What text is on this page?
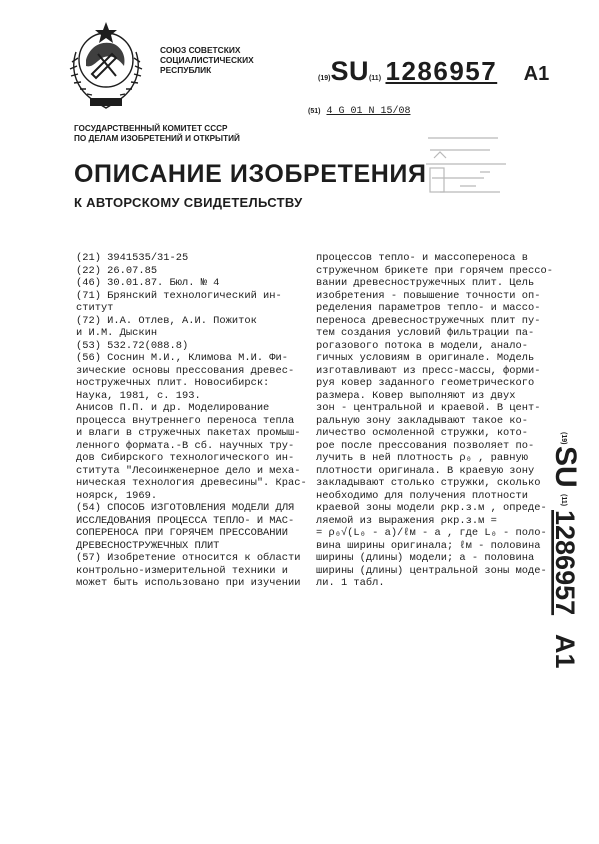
СОЮЗ СОВЕТСКИХ
СОЦИАЛИСТИЧЕСКИХ
РЕСПУБЛИК
(19)SU(11) 1286957 A1
(51) 4 G 01 N 15/08
ГОСУДАРСТВЕННЫЙ КОМИТЕТ СССР
ПО ДЕЛАМ ИЗОБРЕТЕНИЙ И ОТКРЫТИЙ
ОПИСАНИЕ ИЗОБРЕТЕНИЯ
К АВТОРСКОМУ СВИДЕТЕЛЬСТВУ
(21) 3941535/31-25
(22) 26.07.85
(46) 30.01.87. Бюл. № 4
(71) Брянский технологический ин-
ститут
(72) И.А. Отлев, А.И. Пожиток
и И.М. Дыскин
(53) 532.72(088.8)
(56) Соснин М.И., Климова М.И. Фи-
зические основы прессования древес-
ностружечных плит. Новосибирск:
Наука, 1981, с. 193.
Анисов П.П. и др. Моделирование
процесса внутреннего переноса тепла
и влаги в стружечных пакетах промыш-
ленного формата.-В сб. научных тру-
дов Сибирского технологического ин-
ститута "Лесоинженерное дело и меха-
ническая технология древесины". Крас-
ноярск, 1969.
(54) СПОСОБ ИЗГОТОВЛЕНИЯ МОДЕЛИ ДЛЯ
ИССЛЕДОВАНИЯ ПРОЦЕССА ТЕПЛО- И МАС-
СОПЕРЕНОСА ПРИ ГОРЯЧЕМ ПРЕССОВАНИИ
ДРЕВЕСНОСТРУЖЕЧНЫХ ПЛИТ
(57) Изобретение относится к области
контрольно-измерительной техники и
может быть использовано при изучении
процессов тепло- и массопереноса в
стружечном брикете при горячем прессо-
вании древесностружечных плит. Цель
изобретения - повышение точности оп-
ределения параметров тепло- и массо-
переноса древесностружечных плит пу-
тем создания условий фильтрации па-
рогазового потока в модели, анало-
гичных условиям в оригинале. Модель
изготавливают из пресс-массы, форми-
руя ковер заданного геометрического
размера. Ковер выполняют из двух
зон - центральной и краевой. В цент-
ральную зону закладывают такое ко-
личество осмоленной стружки, кото-
рое после прессования позволяет по-
лучить в ней плотность ρ₀ , равную
плотности оригинала. В краевую зону
закладывают столько стружки, сколько
необходимо для получения плотности
краевой зоны модели ρкр.з.м , опреде-
ляемой из выражения ρкр.з.м =
= ρ₀√(L₀ - a)/ℓм - a , где L₀ - поло-
вина ширины оригинала; ℓм - половина
ширины (длины) модели; а - половина
ширины (длины) центральной зоны моде-
ли. 1 табл.
(19)
SU
(11)
1286957
A1
